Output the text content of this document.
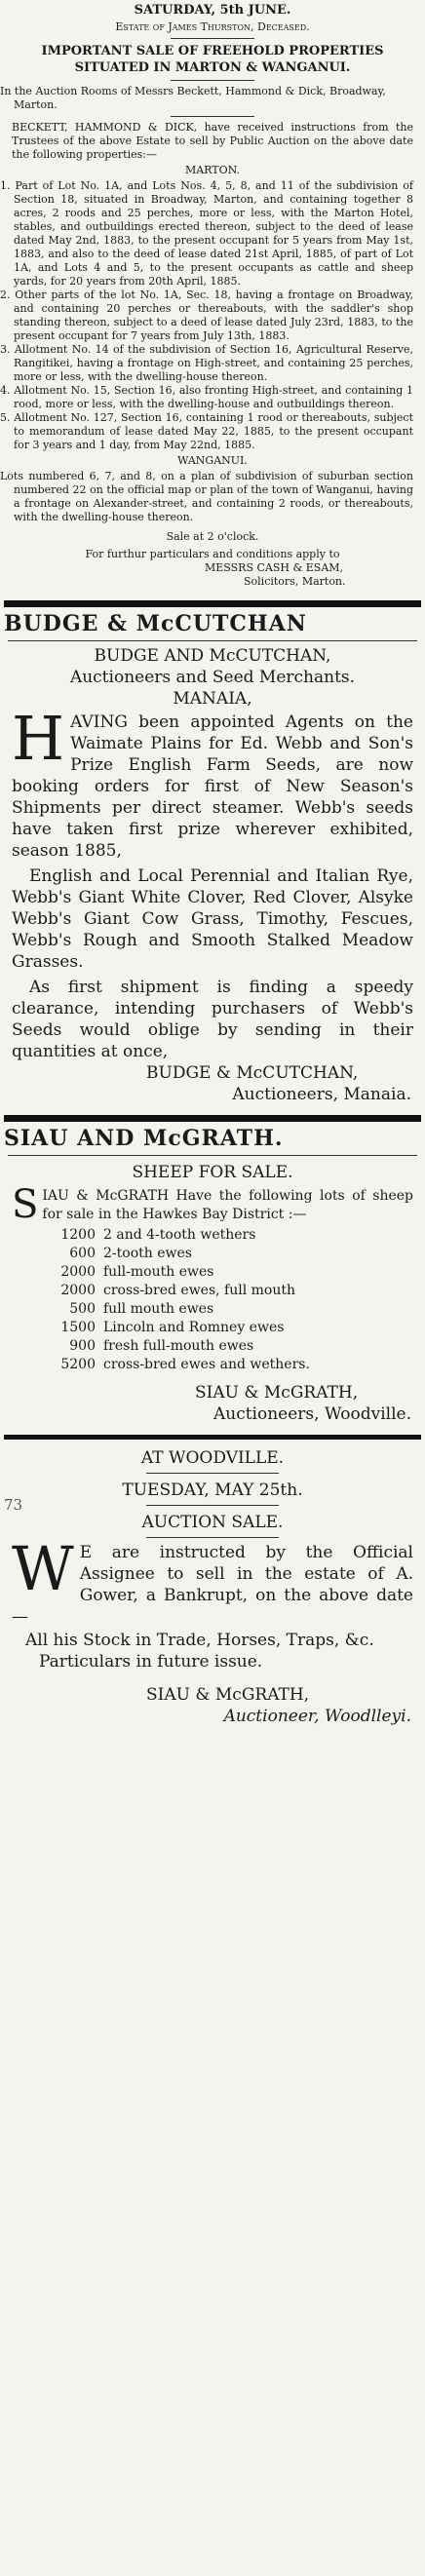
SATURDAY, 5th JUNE.
Estate of James Thurston, Deceased.
IMPORTANT SALE OF FREEHOLD PROPERTIES SITUATED IN MARTON & WANGANUI.
In the Auction Rooms of Messrs Beckett, Hammond & Dick, Broadway, Marton.
BECKETT, HAMMOND & DICK, have received instructions from the Trustees of the above Estate to sell by Public Auction on the above date the following properties:—
MARTON.
1. Part of Lot No. 1A, and Lots Nos. 4, 5, 8, and 11 of the subdivision of Section 18, situated in Broadway, Marton, and containing together 8 acres, 2 roods and 25 perches, more or less, with the Marton Hotel, stables, and outbuildings erected thereon, subject to the deed of lease dated May 2nd, 1883, to the present occupant for 5 years from May 1st, 1883, and also to the deed of lease dated 21st April, 1885, of part of Lot 1A, and Lots 4 and 5, to the present occupants as cattle and sheep yards, for 20 years from 20th April, 1885.
2. Other parts of the lot No. 1A, Sec. 18, having a frontage on Broadway, and containing 20 perches or thereabouts, with the saddler's shop standing thereon, subject to a deed of lease dated July 23rd, 1883, to the present occupant for 7 years from July 13th, 1883.
3. Allotment No. 14 of the subdivision of Section 16, Agricultural Reserve, Rangitikei, having a frontage on High-street, and containing 25 perches, more or less, with the dwelling-house thereon.
4. Allotment No. 15, Section 16, also fronting High-street, and containing 1 rood, more or less, with the dwelling-house and outbuildings thereon.
5. Allotment No. 127, Section 16, containing 1 rood or thereabouts, subject to memorandum of lease dated May 22, 1885, to the present occupant for 3 years and 1 day, from May 22nd, 1885.
WANGANUI.
Lots numbered 6, 7, and 8, on a plan of subdivision of suburban section numbered 22 on the official map or plan of the town of Wanganui, having a frontage on Alexander-street, and containing 2 roods, or thereabouts, with the dwelling-house thereon.
Sale at 2 o'clock.
For furthur particulars and conditions apply to
MESSRS CASH & ESAM,
Solicitors, Marton.
BUDGE & McCUTCHAN
BUDGE AND McCUTCHAN,
Auctioneers and Seed Merchants.
MANAIA,
HAVING been appointed Agents on the Waimate Plains for Ed. Webb and Son's Prize English Farm Seeds, are now booking orders for first of New Season's Shipments per direct steamer. Webb's seeds have taken first prize wherever exhibited, season 1885,
English and Local Perennial and Italian Rye, Webb's Giant White Clover, Red Clover, Alsyke Webb's Giant Cow Grass, Timothy, Fescues, Webb's Rough and Smooth Stalked Meadow Grasses.
As first shipment is finding a speedy clearance, intending purchasers of Webb's Seeds would oblige by sending in their quantities at once,
BUDGE & McCUTCHAN,
Auctioneers, Manaia.
SIAU AND McGRATH.
SHEEP FOR SALE.
SIAU & McGRATH Have the following lots of sheep for sale in the Hawkes Bay District :—
1200	2 and 4-tooth wethers
600	2-tooth ewes
2000	full-mouth ewes
2000	cross-bred ewes, full mouth
500	full mouth ewes
1500	Lincoln and Romney ewes
900	fresh full-mouth ewes
5200	cross-bred ewes and wethers.
SIAU & McGRATH,
Auctioneers, Woodville.
AT WOODVILLE.
73
TUESDAY, MAY 25th.
AUCTION SALE.
W E are instructed by the Official Assignee to sell in the estate of A. Gower, a Bankrupt, on the above date—
All his Stock in Trade, Horses, Traps, &c.
Particulars in future issue.
SIAU & McGRATH,
Auctioneer, Woodlleyi.
